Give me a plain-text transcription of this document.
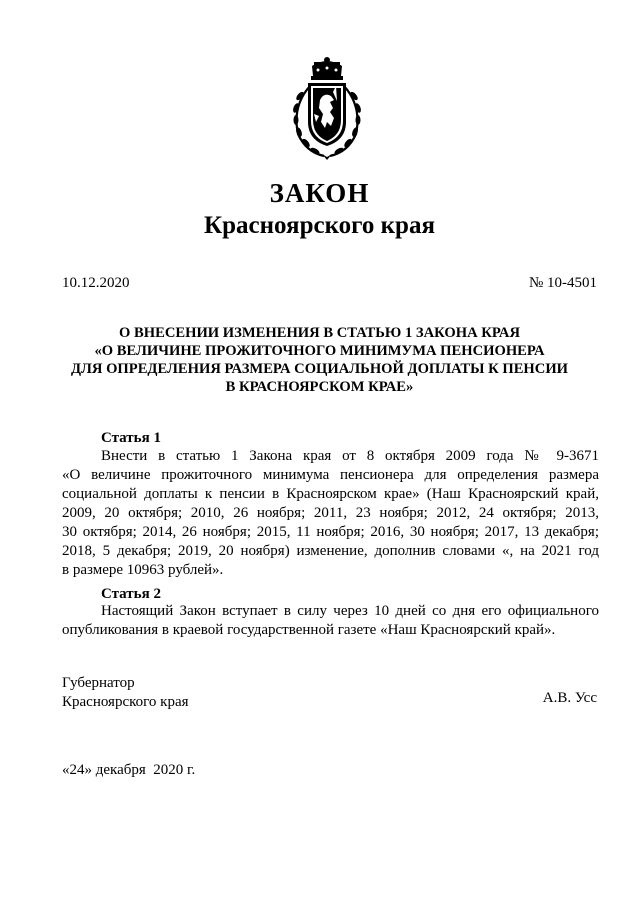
ЗАКОН
Красноярского края
10.12.2020	№ 10-4501
О ВНЕСЕНИИ ИЗМЕНЕНИЯ В СТАТЬЮ 1 ЗАКОНА КРАЯ
«О ВЕЛИЧИНЕ ПРОЖИТОЧНОГО МИНИМУМА ПЕНСИОНЕРА
ДЛЯ ОПРЕДЕЛЕНИЯ РАЗМЕРА СОЦИАЛЬНОЙ ДОПЛАТЫ К ПЕНСИИ
В КРАСНОЯРСКОМ КРАЕ»
Статья 1
Внести в статью 1 Закона края от 8 октября 2009 года № 9-3671
«О величине прожиточного минимума пенсионера для определения размера
социальной доплаты к пенсии в Красноярском крае» (Наш Красноярский край,
2009, 20 октября; 2010, 26 ноября; 2011, 23 ноября; 2012, 24 октября; 2013,
30 октября; 2014, 26 ноября; 2015, 11 ноября; 2016, 30 ноября; 2017, 13 декабря;
2018, 5 декабря; 2019, 20 ноября) изменение, дополнив словами «, на 2021 год
в размере 10963 рублей».
Статья 2
Настоящий Закон вступает в силу через 10 дней со дня его официального
опубликования в краевой государственной газете «Наш Красноярский край».
Губернатор
Красноярского края	А.В. Усс
«24» декабря  2020 г.
